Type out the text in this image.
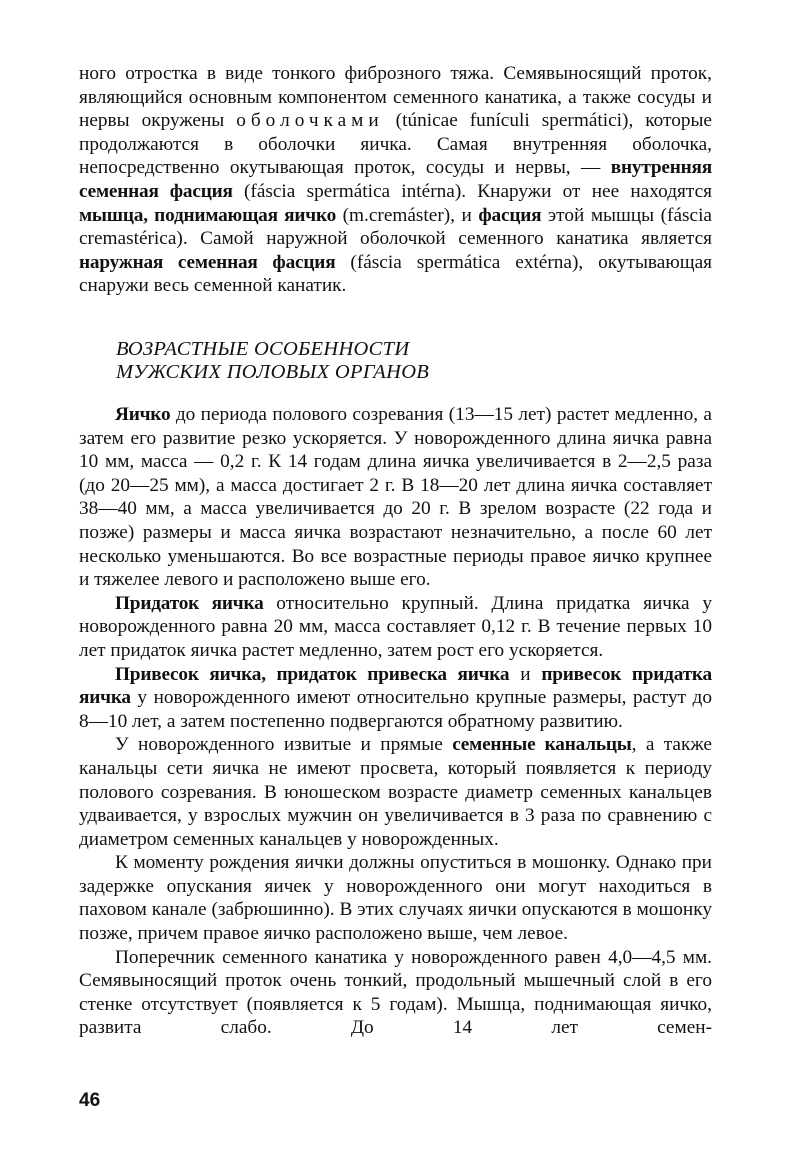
ного отростка в виде тонкого фиброзного тяжа. Семявыносящий проток, являющийся основным компонентом семенного канатика, а также сосуды и нервы окружены оболочками (túnicae funículi spermátici), которые продолжаются в оболочки яичка. Самая внутренняя оболочка, непосредственно окутывающая проток, сосуды и нервы, — внутренняя семенная фасция (fáscia spermática intérna). Кнаружи от нее находятся мышца, поднимающая яичко (m.cremáster), и фасция этой мышцы (fáscia cremastérica). Самой наружной оболочкой семенного канатика является наружная семенная фасция (fáscia spermática extérna), окутывающая снаружи весь семенной канатик.

ВОЗРАСТНЫЕ ОСОБЕННОСТИ
МУЖСКИХ ПОЛОВЫХ ОРГАНОВ

Яичко до периода полового созревания (13—15 лет) растет медленно, а затем его развитие резко ускоряется. У новорожденного длина яичка равна 10 мм, масса — 0,2 г. К 14 годам длина яичка увеличивается в 2—2,5 раза (до 20—25 мм), а масса достигает 2 г. В 18—20 лет длина яичка составляет 38—40 мм, а масса увеличивается до 20 г. В зрелом возрасте (22 года и позже) размеры и масса яичка возрастают незначительно, а после 60 лет несколько уменьшаются. Во все возрастные периоды правое яичко крупнее и тяжелее левого и расположено выше его.

Придаток яичка относительно крупный. Длина придатка яичка у новорожденного равна 20 мм, масса составляет 0,12 г. В течение первых 10 лет придаток яичка растет медленно, затем рост его ускоряется.

Привесок яичка, придаток привеска яичка и привесок придатка яичка у новорожденного имеют относительно крупные размеры, растут до 8—10 лет, а затем постепенно подвергаются обратному развитию.

У новорожденного извитые и прямые семенные канальцы, а также канальцы сети яичка не имеют просвета, который появляется к периоду полового созревания. В юношеском возрасте диаметр семенных канальцев удваивается, у взрослых мужчин он увеличивается в 3 раза по сравнению с диаметром семенных канальцев у новорожденных.

К моменту рождения яички должны опуститься в мошонку. Однако при задержке опускания яичек у новорожденного они могут находиться в паховом канале (забрюшинно). В этих случаях яички опускаются в мошонку позже, причем правое яичко расположено выше, чем левое.

Поперечник семенного канатика у новорожденного равен 4,0—4,5 мм. Семявыносящий проток очень тонкий, продольный мышечный слой в его стенке отсутствует (появляется к 5 годам). Мышца, поднимающая яичко, развита слабо. До 14 лет семен-

46
